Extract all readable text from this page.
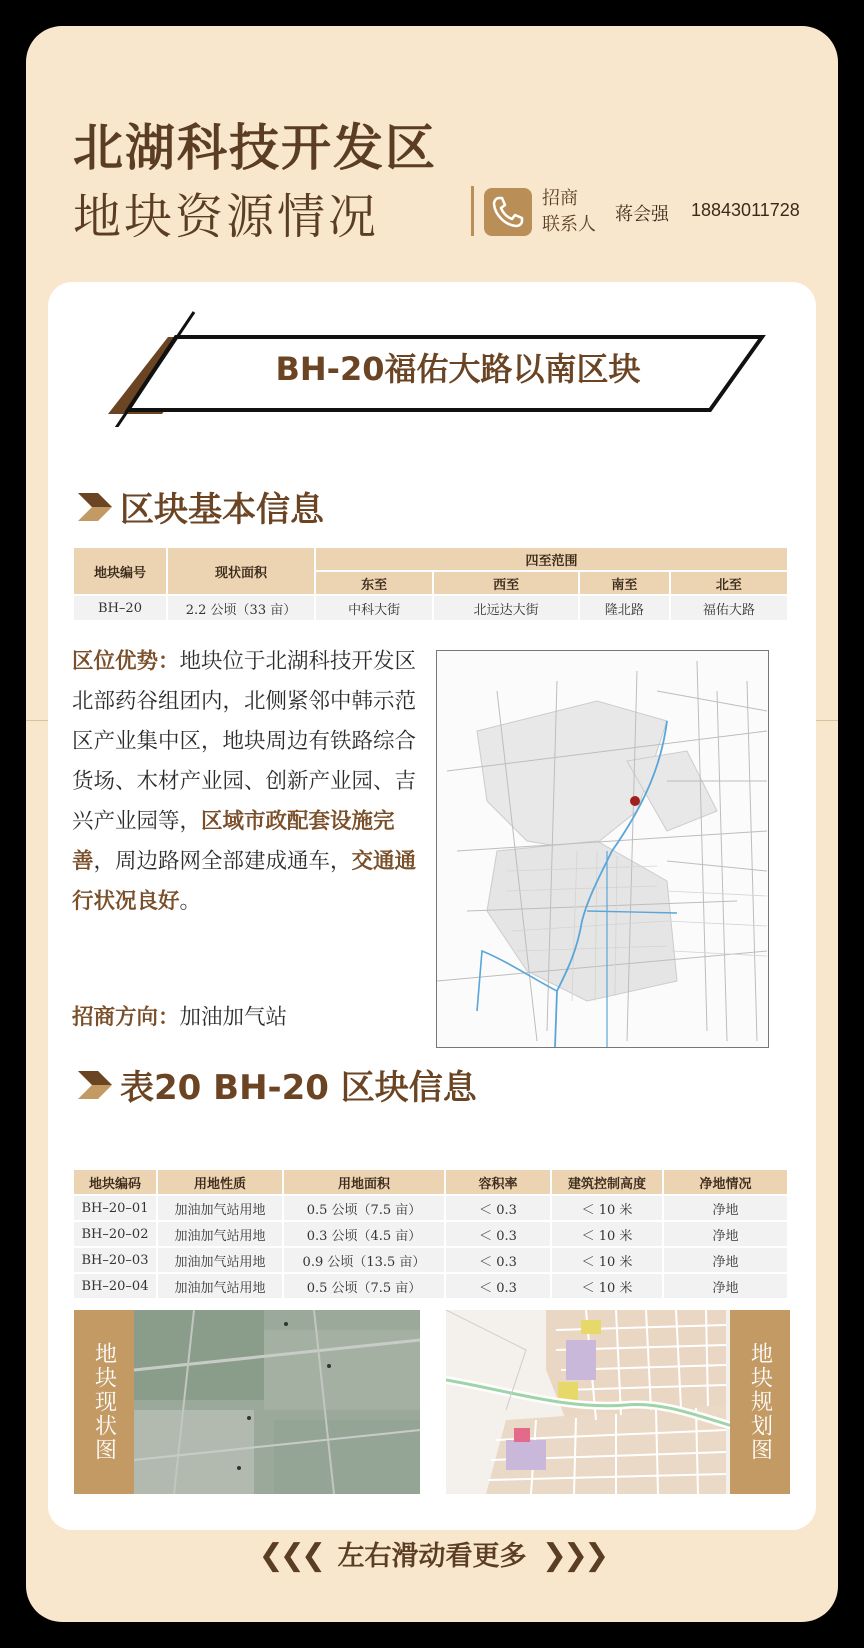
北湖科技开发区
地块资源情况	招商
联系人 蒋会强 18843011728
BH-20福佑大路以南区块
区块基本信息
地块编号	现状面积	四至范围			
		东至	西至	南至	北至
BH–20	2.2 公顷（33 亩）	中科大街	北远达大街	隆北路	福佑大路
区位优势：地块位于北湖科技开发区北部药谷组团内，北侧紧邻中韩示范区产业集中区，地块周边有铁路综合货场、木材产业园、创新产业园、吉兴产业园等，区域市政配套设施完善，周边路网全部建成通车，交通通行状况良好。
招商方向：加油加气站
表20 BH-20 区块信息
地块编码	用地性质	用地面积	容积率	建筑控制高度	净地情况
BH–20–01	加油加气站用地	0.5 公顷（7.5 亩）	＜ 0.3	＜ 10 米	净地
BH–20–02	加油加气站用地	0.3 公顷（4.5 亩）	＜ 0.3	＜ 10 米	净地
BH–20–03	加油加气站用地	0.9 公顷（13.5 亩）	＜ 0.3	＜ 10 米	净地
BH–20–04	加油加气站用地	0.5 公顷（7.5 亩）	＜ 0.3	＜ 10 米	净地
地块现状图	地块规划图
❮❮❮ 左右滑动看更多 ❯❯❯
